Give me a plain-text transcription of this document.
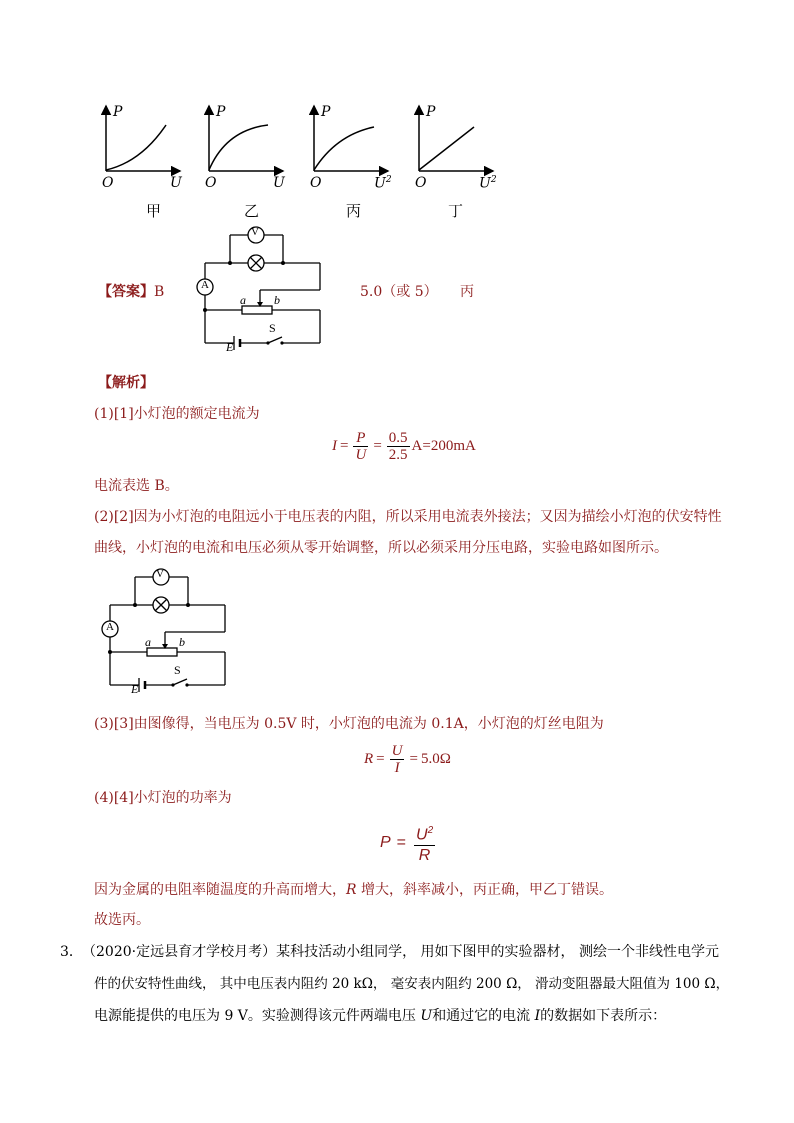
P
O	U
甲
P
O	U
乙
P
O	$U^2$
丙
P
O	$U^2$
丁
【答案】B	5.0（或 5） 丙
V
A
a b
S
E
【解析】
(1)[1]小灯泡的额定电流为
$I = \frac{P}{U} = \frac{0.5}{2.5} A=200mA$
电流表选 B。
(2)[2]因为小灯泡的电阻远小于电压表的内阻，所以采用电流表外接法；又因为描绘小灯泡的伏安特性
曲线，小灯泡的电流和电压必须从零开始调整，所以必须采用分压电路，实验电路如图所示。
V
A
a b
S
E
(3)[3]由图像得，当电压为 0.5V 时，小灯泡的电流为 0.1A，小灯泡的灯丝电阻为
$R = \frac{U}{I} = 5.0\Omega$
(4)[4]小灯泡的功率为
$P = \frac{U^2}{R}$
因为金属的电阻率随温度的升高而增大，R 增大，斜率减小，丙正确，甲乙丁错误。
故选丙。
3． （2020·定远县育才学校月考）某科技活动小组同学， 用如下图甲的实验器材， 测绘一个非线性电学元
件的伏安特性曲线， 其中电压表内阻约 20 kΩ， 毫安表内阻约 200 Ω， 滑动变阻器最大阻值为 100 Ω，
电源能提供的电压为 9 V。实验测得该元件两端电压 U和通过它的电流 I的数据如下表所示：
